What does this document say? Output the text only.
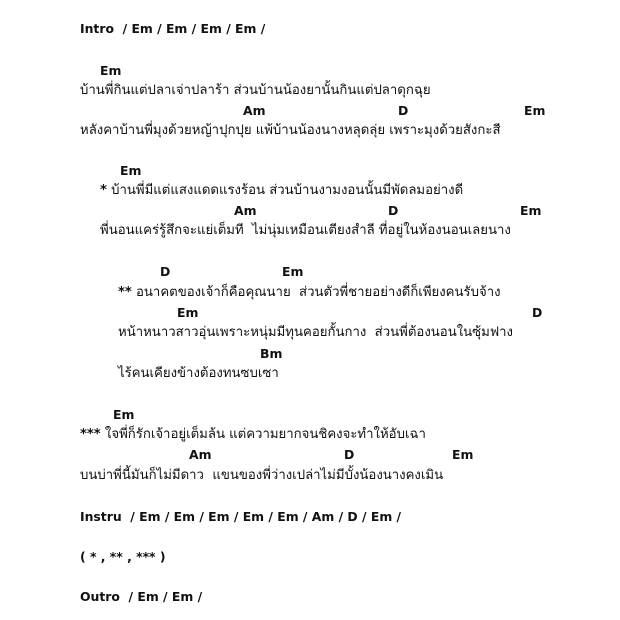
Intro  / Em / Em / Em / Em /
Em
บ้านพี่กินแต่ปลาเจ่าปลาร้า ส่วนบ้านน้องยานั้นกินแต่ปลาดุกฉุย
Am	D	Em
หลังคาบ้านพี่มุงด้วยหญ้าปุกปุย แพ้บ้านน้องนางหลุดลุ่ย เพราะมุงด้วยสังกะสี
Em
* บ้านพี่มีแต่แสงแดดแรงร้อน ส่วนบ้านงามงอนนั้นมีพัดลมอย่างดี
Am	D	Em
พี่นอนแคร่รู้สึกจะแย่เต็มที  ไม่นุ่มเหมือนเตียงสำลี ที่อยู่ในห้องนอนเลยนาง
D	Em
** อนาคตของเจ้าก็คือคุณนาย  ส่วนตัวพี่ชายอย่างดีก็เพียงคนรับจ้าง
Em	D
หน้าหนาวสาวอุ่นเพราะหนุ่มมีทุนคอยกั้นกาง  ส่วนพี่ต้องนอนในซุ้มฟาง
Bm
ไร้คนเคียงข้างต้องทนซบเซา
Em
*** ใจพี่ก็รักเจ้าอยู่เต็มล้น แต่ความยากจนชิคงจะทำให้อับเฉา
Am	D	Em
บนบ่าพี่นี้มันก็ไม่มีดาว  แขนของพี่ว่างเปล่าไม่มีบั้งน้องนางคงเมิน
Instru  / Em / Em / Em / Em / Em / Am / D / Em /
( * , ** , *** )
Outro  / Em / Em /
